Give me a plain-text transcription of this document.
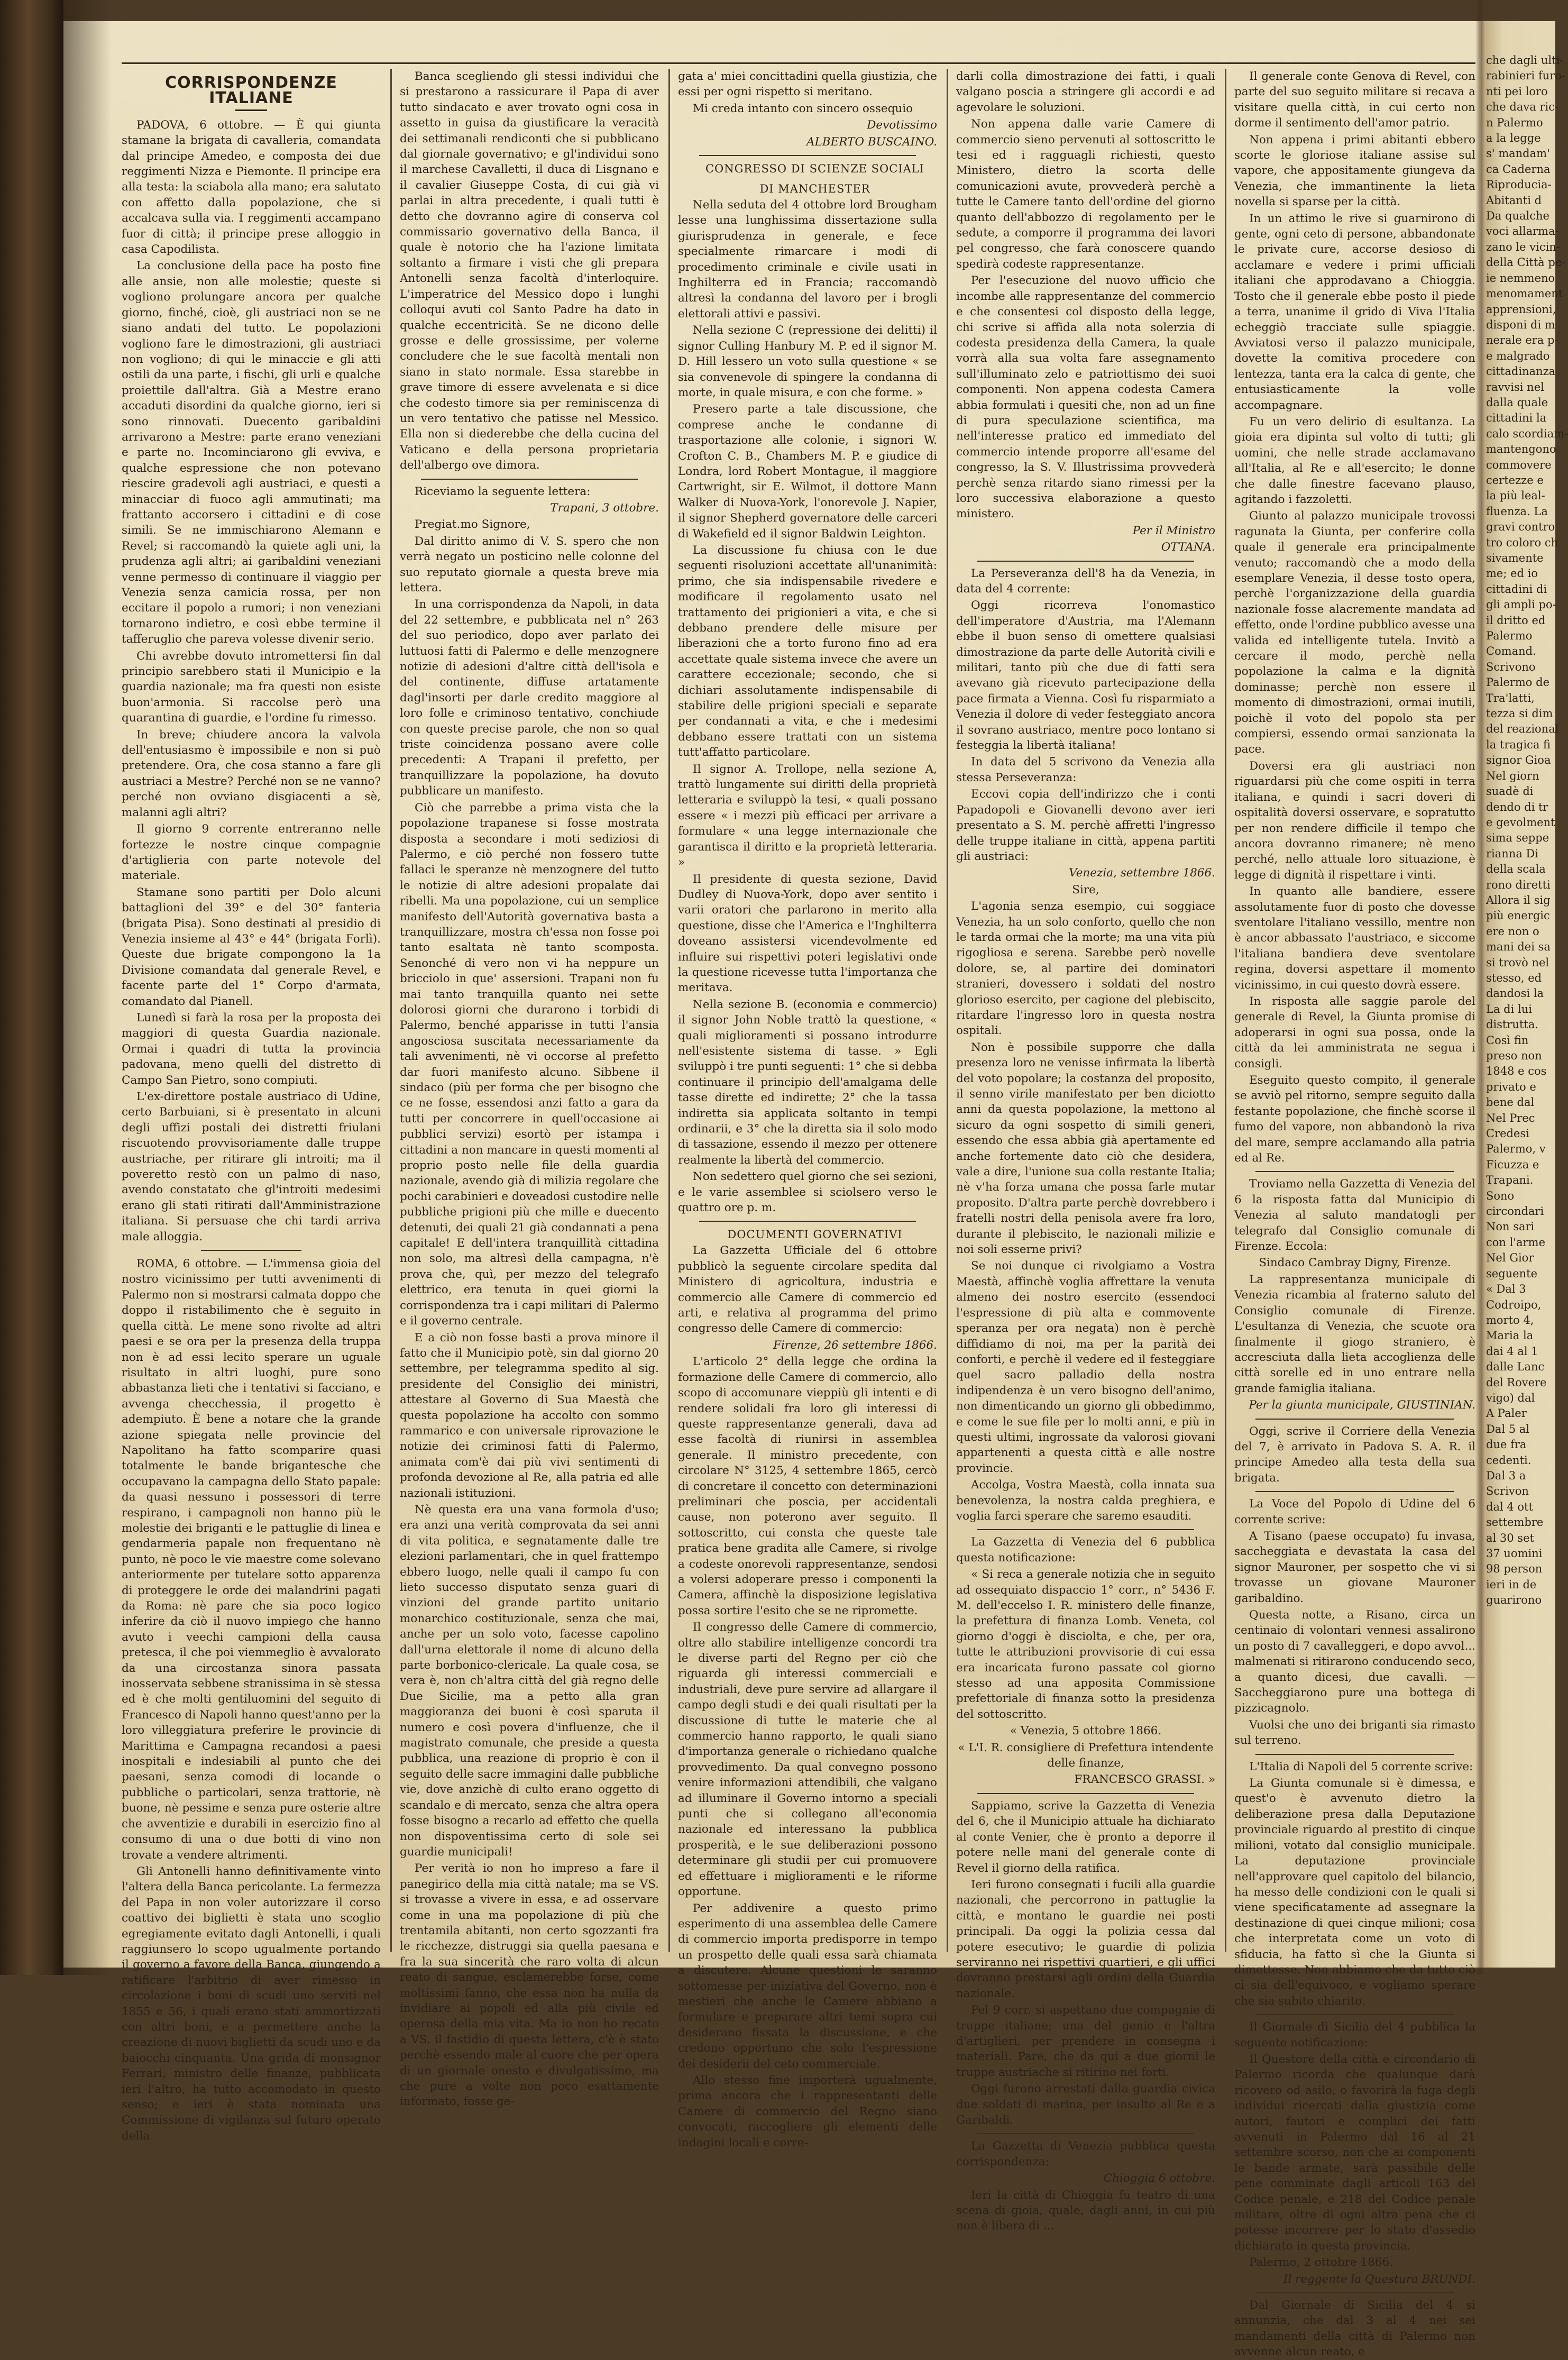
CORRISPONDENZE ITALIANE

PADOVA, 6 ottobre. — È qui giunta stamane la brigata di cavalleria, comandata dal principe Amedeo, e composta dei due reggimenti Nizza e Piemonte. Il principe era alla testa: la sciabola alla mano; era salutato con affetto dalla popolazione, che si accalcava sulla via. I reggimenti accampano fuor di città; il principe prese alloggio in casa Capodilista.

La conclusione della pace ha posto fine alle ansie, non alle molestie; queste si vogliono prolungare ancora per qualche giorno, finché, cioè, gli austriaci non se ne siano andati del tutto. Le popolazioni vogliono fare le dimostrazioni, gli austriaci non vogliono; di qui le minaccie e gli atti ostili da una parte, i fischi, gli urli e qualche proiettile dall'altra. Già a Mestre erano accaduti disordini da qualche giorno, ieri si sono rinnovati. Duecento garibaldini arrivarono a Mestre: parte erano veneziani e parte no. Incominciarono gli evviva, e qualche espressione che non potevano riescire gradevoli agli austriaci, e questi a minacciar di fuoco agli ammutinati; ma frattanto accorsero i cittadini e di cose simili. Se ne immischiarono Alemann e Revel; si raccomandò la quiete agli uni, la prudenza agli altri; ai garibaldini veneziani venne permesso di continuare il viaggio per Venezia senza camicia rossa, per non eccitare il popolo a rumori; i non veneziani tornarono indietro, e così ebbe termine il tafferuglio che pareva volesse divenir serio.

Chi avrebbe dovuto intromettersi fin dal principio sarebbero stati il Municipio e la guardia nazionale; ma fra questi non esiste buon'armonia. Si raccolse però una quarantina di guardie, e l'ordine fu rimesso.

In breve; chiudere ancora la valvola dell'entusiasmo è impossibile e non si può pretendere. Ora, che cosa stanno a fare gli austriaci a Mestre? Perché non se ne vanno? perché non ovviano disgiacenti a sè, malanni agli altri?

Il giorno 9 corrente entreranno nelle fortezze le nostre cinque compagnie d'artiglieria con parte notevole del materiale.

Stamane sono partiti per Dolo alcuni battaglioni del 39° e del 30° fanteria (brigata Pisa). Sono destinati al presidio di Venezia insieme al 43° e 44° (brigata Forlì). Queste due brigate compongono la 1a Divisione comandata dal generale Revel, e facente parte del 1° Corpo d'armata, comandato dal Pianell.

Lunedì si farà la rosa per la proposta dei maggiori di questa Guardia nazionale. Ormai i quadri di tutta la provincia padovana, meno quelli del distretto di Campo San Pietro, sono compiuti.

L'ex-direttore postale austriaco di Udine, certo Barbuiani, si è presentato in alcuni degli uffizi postali dei distretti friulani riscuotendo provvisoriamente dalle truppe austriache, per ritirare gli introiti; ma il poveretto restò con un palmo di naso, avendo constatato che gl'introiti medesimi erano gli stati ritirati dall'Amministrazione italiana. Si persuase che chi tardi arriva male alloggia.

ROMA, 6 ottobre. — L'immensa gioia del nostro vicinissimo per tutti avvenimenti di Palermo non si mostrarsi calmata doppo che doppo il ristabilimento che è seguito in quella città. Le mene sono rivolte ad altri paesi e se ora per la presenza della truppa non è ad essi lecito sperare un uguale risultato in altri luoghi, pure sono abbastanza lieti che i tentativi si facciano, e avvenga checchessia, il progetto è adempiuto. È bene a notare che la grande azione spiegata nelle provincie del Napolitano ha fatto scomparire quasi totalmente le bande brigantesche che occupavano la campagna dello Stato papale: da quasi nessuno i possessori di terre respirano, i campagnoli non hanno più le molestie dei briganti e le pattuglie di linea e gendarmeria papale non frequentano nè punto, nè poco le vie maestre come solevano anteriormente per tutelare sotto apparenza di proteggere le orde dei malandrini pagati da Roma: nè pare che sia poco logico inferire da ciò il nuovo impiego che hanno avuto i veechi campioni della causa pretesca, il che poi viemmeglio è avvalorato da una circostanza sinora passata inosservata sebbene stranissima in sè stessa ed è che molti gentiluomini del seguito di Francesco di Napoli hanno quest'anno per la loro villeggiatura preferire le provincie di Marittima e Campagna recandosi a paesi inospitali e indesiabili al punto che dei paesani, senza comodi di locande o pubbliche o particolari, senza trattorie, nè buone, nè pessime e senza pure osterie altre che avventizie e durabili in esercizio fino al consumo di una o due botti di vino non trovate a vendere altrimenti.

Gli Antonelli hanno definitivamente vinto l'altera della Banca pericolante. La fermezza del Papa in non voler autorizzare il corso coattivo dei biglietti è stata uno scoglio egregiamente evitato dagli Antonelli, i quali raggiunsero lo scopo ugualmente portando il governo a favore della Banca, giungendo a ratificare l'arbitrio di aver rimesso in circolazione i boni di scudi uno serviti nel 1855 e 56, i quali erano stati ammortizzati con altri boni, e a permettere anche la creazione di nuovi biglietti da scudi uno e da baiocchi cinquanta. Una grida di monsignor Ferrari, ministro delle finanze, pubblicata ieri l'altro, ha tutto accomodato in questo senso; e ieri è stata nominata una Commissione di vigilanza sul futuro operato della

Banca scegliendo gli stessi individui che si prestarono a rassicurare il Papa di aver tutto sindacato e aver trovato ogni cosa in assetto in guisa da giustificare la veracità dei settimanali rendiconti che si pubblicano dal giornale governativo; e gl'individui sono il marchese Cavalletti, il duca di Lisgnano e il cavalier Giuseppe Costa, di cui già vi parlai in altra precedente, i quali tutti è detto che dovranno agire di conserva col commissario governativo della Banca, il quale è notorio che ha l'azione limitata soltanto a firmare i visti che gli prepara Antonelli senza facoltà d'interloquire. L'imperatrice del Messico dopo i lunghi colloqui avuti col Santo Padre ha dato in qualche eccentricità. Se ne dicono delle grosse e delle grossissime, per volerne concludere che le sue facoltà mentali non siano in stato normale. Essa starebbe in grave timore di essere avvelenata e si dice che codesto timore sia per reminiscenza di un vero tentativo che patisse nel Messico. Ella non si diederebbe che della cucina del Vaticano e della persona proprietaria dell'albergo ove dimora.

Riceviamo la seguente lettera:

Trapani, 3 ottobre.

Pregiat.mo Signore,

Dal diritto animo di V. S. spero che non verrà negato un posticino nelle colonne del suo reputato giornale a questa breve mia lettera.

In una corrispondenza da Napoli, in data del 22 settembre, e pubblicata nel n° 263 del suo periodico, dopo aver parlato dei luttuosi fatti di Palermo e delle menzognere notizie di adesioni d'altre città dell'isola e del continente, diffuse artatamente dagl'insorti per darle credito maggiore al loro folle e criminoso tentativo, conchiude con queste precise parole, che non so qual triste coincidenza possano avere colle precedenti: A Trapani il prefetto, per tranquillizzare la popolazione, ha dovuto pubblicare un manifesto.

Ciò che parrebbe a prima vista che la popolazione trapanese si fosse mostrata disposta a secondare i moti sediziosi di Palermo, e ciò perché non fossero tutte fallaci le speranze nè menzognere del tutto le notizie di altre adesioni propalate dai ribelli. Ma una popolazione, cui un semplice manifesto dell'Autorità governativa basta a tranquillizzare, mostra ch'essa non fosse poi tanto esaltata nè tanto scomposta. Senonché di vero non vi ha neppure un bricciolo in que' assersioni. Trapani non fu mai tanto tranquilla quanto nei sette dolorosi giorni che durarono i torbidi di Palermo, benché apparisse in tutti l'ansia angosciosa suscitata necessariamente da tali avvenimenti, nè vi occorse al prefetto dar fuori manifesto alcuno. Sibbene il sindaco (più per forma che per bisogno che ce ne fosse, essendosi anzi fatto a gara da tutti per concorrere in quell'occasione ai pubblici servizi) esortò per istampa i cittadini a non mancare in questi momenti al proprio posto nelle file della guardia nazionale, avendo già di milizia regolare che pochi carabinieri e doveadosi custodire nelle pubbliche prigioni più che mille e duecento detenuti, dei quali 21 già condannati a pena capitale! E dell'intera tranquillità cittadina non solo, ma altresì della campagna, n'è prova che, quì, per mezzo del telegrafo elettrico, era tenuta in quei giorni la corrispondenza tra i capi militari di Palermo e il governo centrale.

E a ciò non fosse basti a prova minore il fatto che il Municipio potè, sin dal giorno 20 settembre, per telegramma spedito al sig. presidente del Consiglio dei ministri, attestare al Governo di Sua Maestà che questa popolazione ha accolto con sommo rammarico e con universale riprovazione le notizie dei criminosi fatti di Palermo, animata com'è dai più vivi sentimenti di profonda devozione al Re, alla patria ed alle nazionali istituzioni.

Nè questa era una vana formola d'uso; era anzi una verità comprovata da sei anni di vita politica, e segnatamente dalle tre elezioni parlamentari, che in quel frattempo ebbero luogo, nelle quali il campo fu con lieto successo disputato senza guari di vinzioni del grande partito unitario monarchico costituzionale, senza che mai, anche per un solo voto, facesse capolino dall'urna elettorale il nome di alcuno della parte borbonico-clericale. La quale cosa, se vera è, non ch'altra città del già regno delle Due Sicilie, ma a petto alla gran maggioranza dei buoni è così sparuta il numero e così povera d'influenze, che il magistrato comunale, che preside a questa pubblica, una reazione di proprio è con il seguito delle sacre immagini dalle pubbliche vie, dove anzichè di culto erano oggetto di scandalo e di mercato, senza che altra opera fosse bisogno a recarlo ad effetto che quella non dispoventissima certo di sole sei guardie municipali!

Per verità io non ho impreso a fare il panegirico della mia città natale; ma se VS. si trovasse a vivere in essa, e ad osservare come in una ma popolazione di più che trentamila abitanti, non certo sgozzanti fra le ricchezze, distruggi sia quella paesana e fra la sua sincerità che raro volta di alcun reato di sangue, esclamerebbe forse, come moltissimi fanno, che essa non ha nulla da invidiare ai popoli ed alla più civile ed operosa della mia vita. Ma io non ho recato a VS. il fastidio di questa lettera, c'è è stato perchè essendo male al cuore che per opera di un giornale onesto e divulgatissimo, ma che pure a volte non poco esattamente informato, fosse ge-

gata a' miei concittadini quella giustizia, che essi per ogni rispetto si meritano.

Mi creda intanto con sincero ossequio

Devotissimo

ALBERTO BUSCAINO.

CONGRESSO DI SCIENZE SOCIALI

DI MANCHESTER

Nella seduta del 4 ottobre lord Brougham lesse una lunghissima dissertazione sulla giurisprudenza in generale, e fece specialmente rimarcare i modi di procedimento criminale e civile usati in Inghilterra ed in Francia; raccomandò altresì la condanna del lavoro per i brogli elettorali attivi e passivi.

Nella sezione C (repressione dei delitti) il signor Culling Hanbury M. P. ed il signor M. D. Hill lessero un voto sulla questione « se sia convenevole di spingere la condanna di morte, in quale misura, e con che forme. »

Presero parte a tale discussione, che comprese anche le condanne di trasportazione alle colonie, i signori W. Crofton C. B., Chambers M. P. e giudice di Londra, lord Robert Montague, il maggiore Cartwright, sir E. Wilmot, il dottore Mann Walker di Nuova-York, l'onorevole J. Napier, il signor Shepherd governatore delle carceri di Wakefield ed il signor Baldwin Leighton.

La discussione fu chiusa con le due seguenti risoluzioni accettate all'unanimità: primo, che sia indispensabile rivedere e modificare il regolamento usato nel trattamento dei prigionieri a vita, e che si debbano prendere delle misure per liberazioni che a torto furono fino ad era accettate quale sistema invece che avere un carattere eccezionale; secondo, che si dichiari assolutamente indispensabile di stabilire delle prigioni speciali e separate per condannati a vita, e che i medesimi debbano essere trattati con un sistema tutt'affatto particolare.

Il signor A. Trollope, nella sezione A, trattò lungamente sui diritti della proprietà letteraria e sviluppò la tesi, « quali possano essere « i mezzi più efficaci per arrivare a formulare « una legge internazionale che garantisca il diritto e la proprietà letteraria. »

Il presidente di questa sezione, David Dudley di Nuova-York, dopo aver sentito i varii oratori che parlarono in merito alla questione, disse che l'America e l'Inghilterra doveano assistersi vicendevolmente ed influire sui rispettivi poteri legislativi onde la questione ricevesse tutta l'importanza che meritava.

Nella sezione B. (economia e commercio) il signor John Noble trattò la questione, « quali miglioramenti si possano introdurre nell'esistente sistema di tasse. » Egli sviluppò i tre punti seguenti: 1° che si debba continuare il principio dell'amalgama delle tasse dirette ed indirette; 2° che la tassa indiretta sia applicata soltanto in tempi ordinarii, e 3° che la diretta sia il solo modo di tassazione, essendo il mezzo per ottenere realmente la libertà del commercio.

Non sedettero quel giorno che sei sezioni, e le varie assemblee si sciolsero verso le quattro ore p. m.

DOCUMENTI GOVERNATIVI

La Gazzetta Ufficiale del 6 ottobre pubblicò la seguente circolare spedita dal Ministero di agricoltura, industria e commercio alle Camere di commercio ed arti, e relativa al programma del primo congresso delle Camere di commercio:

Firenze, 26 settembre 1866.

L'articolo 2° della legge che ordina la formazione delle Camere di commercio, allo scopo di accomunare vieppiù gli intenti e di rendere solidali fra loro gli interessi di queste rappresentanze generali, dava ad esse facoltà di riunirsi in assemblea generale. Il ministro precedente, con circolare N° 3125, 4 settembre 1865, cercò di concretare il concetto con determinazioni preliminari che poscia, per accidentali cause, non poterono aver seguito. Il sottoscritto, cui consta che queste tale pratica bene gradita alle Camere, si rivolge a codeste onorevoli rappresentanze, sendosi a volersi adoperare presso i componenti la Camera, affinchè la disposizione legislativa possa sortire l'esito che se ne ripromette.

Il congresso delle Camere di commercio, oltre allo stabilire intelligenze concordi tra le diverse parti del Regno per ciò che riguarda gli interessi commerciali e industriali, deve pure servire ad allargare il campo degli studi e dei quali risultati per la discussione di tutte le materie che al commercio hanno rapporto, le quali siano d'importanza generale o richiedano qualche provvedimento. Da qual convegno possono venire informazioni attendibili, che valgano ad illuminare il Governo intorno a speciali punti che si collegano all'economia nazionale ed interessano la pubblica prosperità, e le sue deliberazioni possono determinare gli studii per cui promuovere ed effettuare i miglioramenti e le riforme opportune.

Per addivenire a questo primo esperimento di una assemblea delle Camere di commercio importa predisporre in tempo un prospetto delle quali essa sarà chiamata a discutere. Alcune questioni le saranno sottomesse per iniziativa del Governo, non è mestieri che anche le Camere abbiano a formulare e preparare altri temi sopra cui desiderano fissata la discussione, e che credono opportuno che solo l'espressione dei desiderii del ceto commerciale.

Allo stesso fine importerà ugualmente, prima ancora che i rappresentanti delle Camere di commercio del Regno siano convocati, raccogliere gli elementi delle indagini locali e corre-

darli colla dimostrazione dei fatti, i quali valgano poscia a stringere gli accordi e ad agevolare le soluzioni.

Non appena dalle varie Camere di commercio sieno pervenuti al sottoscritto le tesi ed i ragguagli richiesti, questo Ministero, dietro la scorta delle comunicazioni avute, provvederà perchè a tutte le Camere tanto dell'ordine del giorno quanto dell'abbozzo di regolamento per le sedute, a comporre il programma dei lavori pel congresso, che farà conoscere quando spedirà codeste rappresentanze.

Per l'esecuzione del nuovo ufficio che incombe alle rappresentanze del commercio e che consentesi col disposto della legge, chi scrive si affida alla nota solerzia di codesta presidenza della Camera, la quale vorrà alla sua volta fare assegnamento sull'illuminato zelo e patriottismo dei suoi componenti. Non appena codesta Camera abbia formulati i quesiti che, non ad un fine di pura speculazione scientifica, ma nell'interesse pratico ed immediato del commercio intende proporre all'esame del congresso, la S. V. Illustrissima provvederà perchè senza ritardo siano rimessi per la loro successiva elaborazione a questo ministero.

Per il Ministro

OTTANA.

La Perseveranza dell'8 ha da Venezia, in data del 4 corrente:

Oggi ricorreva l'onomastico dell'imperatore d'Austria, ma l'Alemann ebbe il buon senso di omettere qualsiasi dimostrazione da parte delle Autorità civili e militari, tanto più che due di fatti sera avevano già ricevuto partecipazione della pace firmata a Vienna. Così fu risparmiato a Venezia il dolore di veder festeggiato ancora il sovrano austriaco, mentre poco lontano si festeggia la libertà italiana!

In data del 5 scrivono da Venezia alla stessa Perseveranza:

Eccovi copia dell'indirizzo che i conti Papadopoli e Giovanelli devono aver ieri presentato a S. M. perchè affretti l'ingresso delle truppe italiane in città, appena partiti gli austriaci:

Venezia, settembre 1866.

Sire,

L'agonia senza esempio, cui soggiace Venezia, ha un solo conforto, quello che non le tarda ormai che la morte; ma una vita più rigogliosa e serena. Sarebbe però novelle dolore, se, al partire dei dominatori stranieri, dovessero i soldati del nostro glorioso esercito, per cagione del plebiscito, ritardare l'ingresso loro in questa nostra ospitali.

Non è possibile supporre che dalla presenza loro ne venisse infirmata la libertà del voto popolare; la costanza del proposito, il senno virile manifestato per ben diciotto anni da questa popolazione, la mettono al sicuro da ogni sospetto di simili generi, essendo che essa abbia già apertamente ed anche fortemente dato ciò che desidera, vale a dire, l'unione sua colla restante Italia; nè v'ha forza umana che possa farle mutar proposito. D'altra parte perchè dovrebbero i fratelli nostri della penisola avere fra loro, durante il plebiscito, le nazionali milizie e noi soli esserne privi?

Se noi dunque ci rivolgiamo a Vostra Maestà, affinchè voglia affrettare la venuta almeno dei nostro esercito (essendoci l'espressione di più alta e commovente speranza per ora negata) non è perchè diffidiamo di noi, ma per la parità dei conforti, e perchè il vedere ed il festeggiare quel sacro palladio della nostra indipendenza è un vero bisogno dell'animo, non dimenticando un giorno gli obbedimmo, e come le sue file per lo molti anni, e più in questi ultimi, ingrossate da valorosi giovani appartenenti a questa città e alle nostre provincie.

Accolga, Vostra Maestà, colla innata sua benevolenza, la nostra calda preghiera, e voglia farci sperare che saremo esauditi.

La Gazzetta di Venezia del 6 pubblica questa notificazione:

« Si reca a generale notizia che in seguito ad ossequiato dispaccio 1° corr., n° 5436 F. M. dell'eccelso I. R. ministero delle finanze, la prefettura di finanza Lomb. Veneta, col giorno d'oggi è disciolta, e che, per ora, tutte le attribuzioni provvisorie di cui essa era incaricata furono passate col giorno stesso ad una apposita Commissione prefettoriale di finanza sotto la presidenza del sottoscritto.

« Venezia, 5 ottobre 1866.

« L'I. R. consigliere di Prefettura intendente delle finanze,

FRANCESCO GRASSI. »

Sappiamo, scrive la Gazzetta di Venezia del 6, che il Municipio attuale ha dichiarato al conte Venier, che è pronto a deporre il potere nelle mani del generale conte di Revel il giorno della ratifica.

Ieri furono consegnati i fucili alla guardie nazionali, che percorrono in pattuglie la città, e montano le guardie nei posti principali. Da oggi la polizia cessa dal potere esecutivo; le guardie di polizia serviranno nei rispettivi quartieri, e gli uffici dovranno prestarsi agli ordini della Guardia nazionale.

Pel 9 corr. si aspettano due compagnie di truppe italiane; una del genio e l'altra d'artiglieri, per prendere in consegna i materiali. Pare, che da qui a due giorni le truppe austriache si ritirino nei forti.

Oggi furono arrestati dalla guardia civica due soldati di marina, per insulto al Re e a Garibaldi.

La Gazzetta di Venezia pubblica questa corrispondenza:

Chioggia 6 ottobre.

Ieri la città di Chioggia fu teatro di una scena di gioia, quale, dagli anni, in cui più non è libera di ...

Il generale conte Genova di Revel, con parte del suo seguito militare si recava a visitare quella città, in cui certo non dorme il sentimento dell'amor patrio.

Non appena i primi abitanti ebbero scorte le gloriose italiane assise sul vapore, che appositamente giungeva da Venezia, che immantinente la lieta novella si sparse per la città.

In un attimo le rive si guarnirono di gente, ogni ceto di persone, abbandonate le private cure, accorse desioso di acclamare e vedere i primi ufficiali italiani che approdavano a Chioggia. Tosto che il generale ebbe posto il piede a terra, unanime il grido di Viva l'Italia echeggiò tracciate sulle spiaggie. Avviatosi verso il palazzo municipale, dovette la comitiva procedere con lentezza, tanta era la calca di gente, che entusiasticamente la volle accompagnare.

Fu un vero delirio di esultanza. La gioia era dipinta sul volto di tutti; gli uomini, che nelle strade acclamavano all'Italia, al Re e all'esercito; le donne che dalle finestre facevano plauso, agitando i fazzoletti.

Giunto al palazzo municipale trovossi ragunata la Giunta, per conferire colla quale il generale era principalmente venuto; raccomandò che a modo della esemplare Venezia, il desse tosto opera, perchè l'organizzazione della guardia nazionale fosse alacremente mandata ad effetto, onde l'ordine pubblico avesse una valida ed intelligente tutela. Invitò a cercare il modo, perchè nella popolazione la calma e la dignità dominasse; perchè non essere il momento di dimostrazioni, ormai inutili, poichè il voto del popolo sta per compiersi, essendo ormai sanzionata la pace.

Doversi era gli austriaci non riguardarsi più che come ospiti in terra italiana, e quindi i sacri doveri di ospitalità doversi osservare, e sopratutto per non rendere difficile il tempo che ancora dovranno rimanere; nè meno perché, nello attuale loro situazione, è legge di dignità il rispettare i vinti.

In quanto alle bandiere, essere assolutamente fuor di posto che dovesse sventolare l'italiano vessillo, mentre non è ancor abbassato l'austriaco, e siccome l'italiana bandiera deve sventolare regina, doversi aspettare il momento vicinissimo, in cui questo dovrà essere.

In risposta alle saggie parole del generale di Revel, la Giunta promise di adoperarsi in ogni sua possa, onde la città da lei amministrata ne segua i consigli.

Eseguito questo compito, il generale se avviò pel ritorno, sempre seguito dalla festante popolazione, che finchè scorse il fumo del vapore, non abbandonò la riva del mare, sempre acclamando alla patria ed al Re.

Troviamo nella Gazzetta di Venezia del 6 la risposta fatta dal Municipio di Venezia al saluto mandatogli per telegrafo dal Consiglio comunale di Firenze. Eccola:

Sindaco Cambray Digny, Firenze.

La rappresentanza municipale di Venezia ricambia al fraterno saluto del Consiglio comunale di Firenze. L'esultanza di Venezia, che scuote ora finalmente il giogo straniero, è accresciuta dalla lieta accoglienza delle città sorelle ed in uno entrare nella grande famiglia italiana.

Per la giunta municipale, GIUSTINIAN.

Oggi, scrive il Corriere della Venezia del 7, è arrivato in Padova S. A. R. il principe Amedeo alla testa della sua brigata.

La Voce del Popolo di Udine del 6 corrente scrive:

A Tisano (paese occupato) fu invasa, saccheggiata e devastata la casa del signor Mauroner, per sospetto che vi si trovasse un giovane Mauroner garibaldino.

Questa notte, a Risano, circa un centinaio di volontari vennesi assalirono un posto di 7 cavalleggeri, e dopo avvol... malmenati si ritirarono conducendo seco, a quanto dicesi, due cavalli. — Saccheggiarono pure una bottega di pizzicagnolo.

Vuolsi che uno dei briganti sia rimasto sul terreno.

L'Italia di Napoli del 5 corrente scrive:

La Giunta comunale si è dimessa, e quest'o è avvenuto dietro la deliberazione presa dalla Deputazione provinciale riguardo al prestito di cinque milioni, votato dal consiglio municipale. La deputazione provinciale nell'approvare quel capitolo del bilancio, ha messo delle condizioni con le quali si viene specificatamente ad assegnare la destinazione di quei cinque milioni; cosa che interpretata come un voto di sfiducia, ha fatto sì che la Giunta si dimettesse. Non abbiamo che da tutto ciò ci sia dell'equivoco, e vogliamo sperare che sia subito chiarito.

Il Giornale di Sicilia del 4 pubblica la seguente notificazione:

Il Questore della città e circondario di Palermo ricorda che qualunque darà ricovero od asilo, o favorirà la fuga degli individui ricercati dalla giustizia come autori, fautori e complici dei fatti avvenuti in Palermo dal 16 al 21 settembre scorso, non che ai componenti le bande armate, sarà passibile delle pene comminate dagli articoli 163 del Codice penale, e 218 del Codice penale militare, oltre di ogni altra pena che ci potesse incorrere per lo stato d'assedio dichiarato in questa provincia.

Palermo, 2 ottobre 1866.

Il reggente la Questura BRUNDI.

Dal Giornale di Sicilia del 4 si annunzia, che dal 3 al 4 nei sei mandamenti della città di Palermo non avvenne alcun reato, e

che dagli ulti-
rabinieri furo-
nti pei loro
che dava ric-
n Palermo
a la legge
s' mandam'
ca Caderna
Riproducia-
Abitanti d
Da qualche
voci allarma-
zano le vicin-
della Città pe-
ie nemmeno
menomament
apprensioni,
disponi di m
nerale era p-
e malgrado
cittadinanza
ravvisi nel
dalla quale
cittadini la
calo scordiam-
mantengono
commovere
certezze e
la più leal-
fluenza. La
gravi contro
tro coloro ch
sivamente
me; ed io
cittadini di
gli ampli po-
il dritto ed
Palermo
Comand.
Scrivono
Palermo de
Tra'latti,
tezza si dim
del reazional
la tragica fi
signor Gioa
Nel giorn
suadè di
dendo di tr
e gevolment
sima seppe
rianna Di
della scala
rono diretti
Allora il sig
più energic
ere non o
mani dei sa
si trovò nel
stesso, ed
dandosi la
La di lui
distrutta.
Così fin
preso non
1848 e cos
privato e
bene dal
Nel Prec
Credesi
Palermo, v
Ficuzza e
Trapani.
Sono
circondari
Non sari
con l'arme
Nel Gior
seguente
« Dal 3
Codroipo,
morto 4,
Maria la
dai 4 al 1
dalle Lanc
del Rovere
vigo) dal
A Paler
Dal 5 al
due fra
cedenti.
Dal 3 a
Scrivon
dal 4 ott
settembre
al 30 set
37 uomini
98 person
ieri in de
guarirono
